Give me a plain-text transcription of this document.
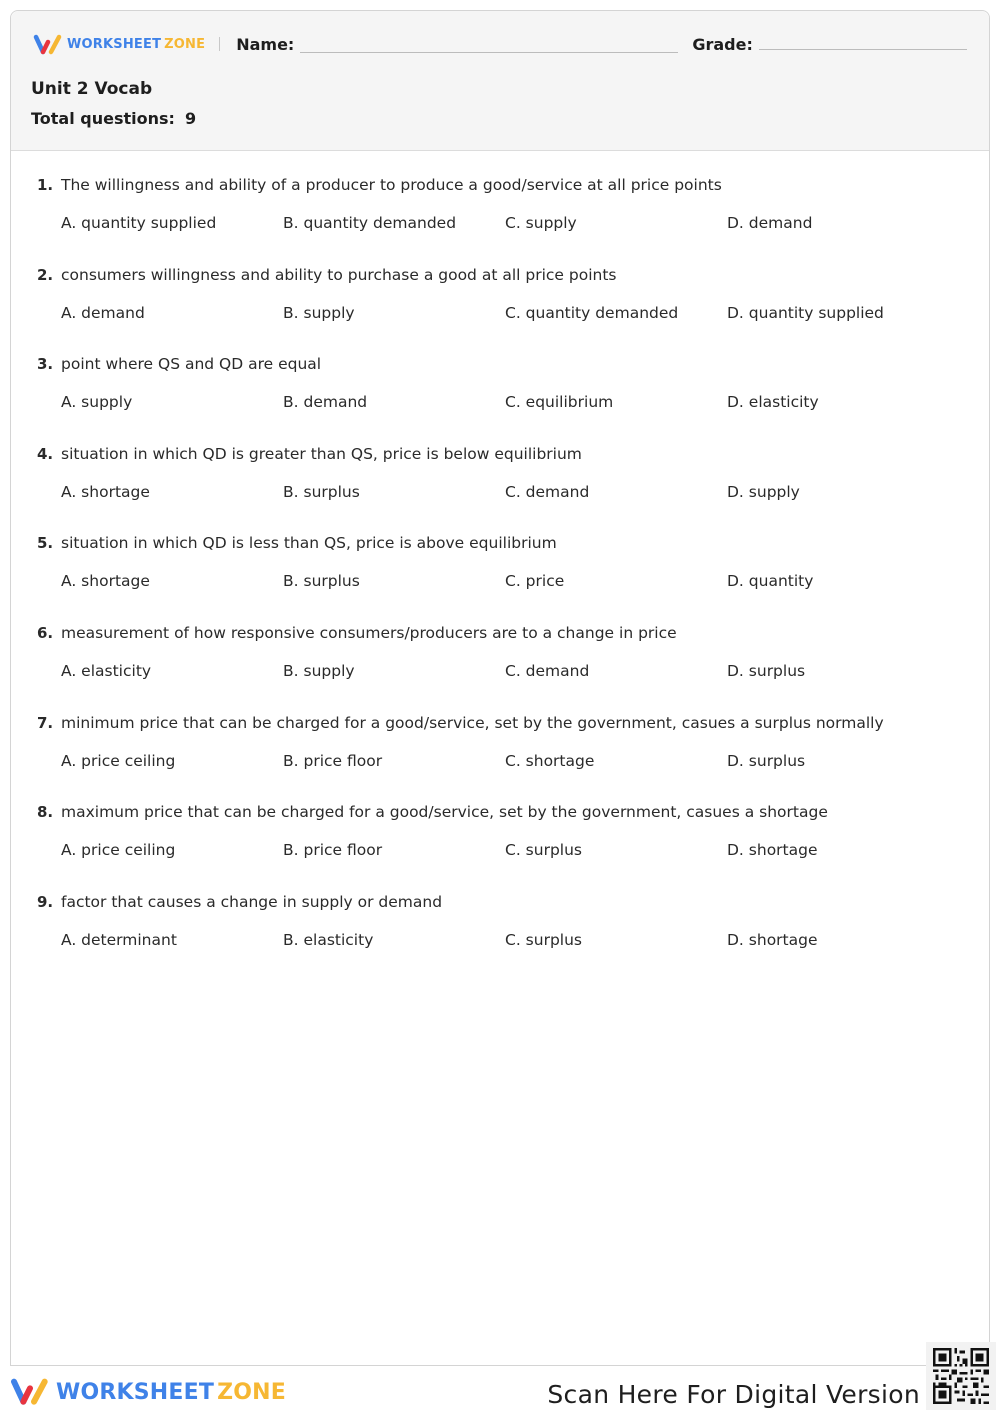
WORKSHEET ZONE Name:	Grade:
Unit 2 Vocab
Total questions: 9
1. The willingness and ability of a producer to produce a good/service at all price points
A. quantity supplied	B. quantity demanded	C. supply	D. demand
2. consumers willingness and ability to purchase a good at all price points
A. demand	B. supply	C. quantity demanded	D. quantity supplied
3. point where QS and QD are equal
A. supply	B. demand	C. equilibrium	D. elasticity
4. situation in which QD is greater than QS, price is below equilibrium
A. shortage	B. surplus	C. demand	D. supply
5. situation in which QD is less than QS, price is above equilibrium
A. shortage	B. surplus	C. price	D. quantity
6. measurement of how responsive consumers/producers are to a change in price
A. elasticity	B. supply	C. demand	D. surplus
7. minimum price that can be charged for a good/service, set by the government, casues a surplus normally
A. price ceiling	B. price floor	C. shortage	D. surplus
8. maximum price that can be charged for a good/service, set by the government, casues a shortage
A. price ceiling	B. price floor	C. surplus	D. shortage
9. factor that causes a change in supply or demand
A. determinant	B. elasticity	C. surplus	D. shortage
WORKSHEET ZONE	Scan Here For Digital Version
